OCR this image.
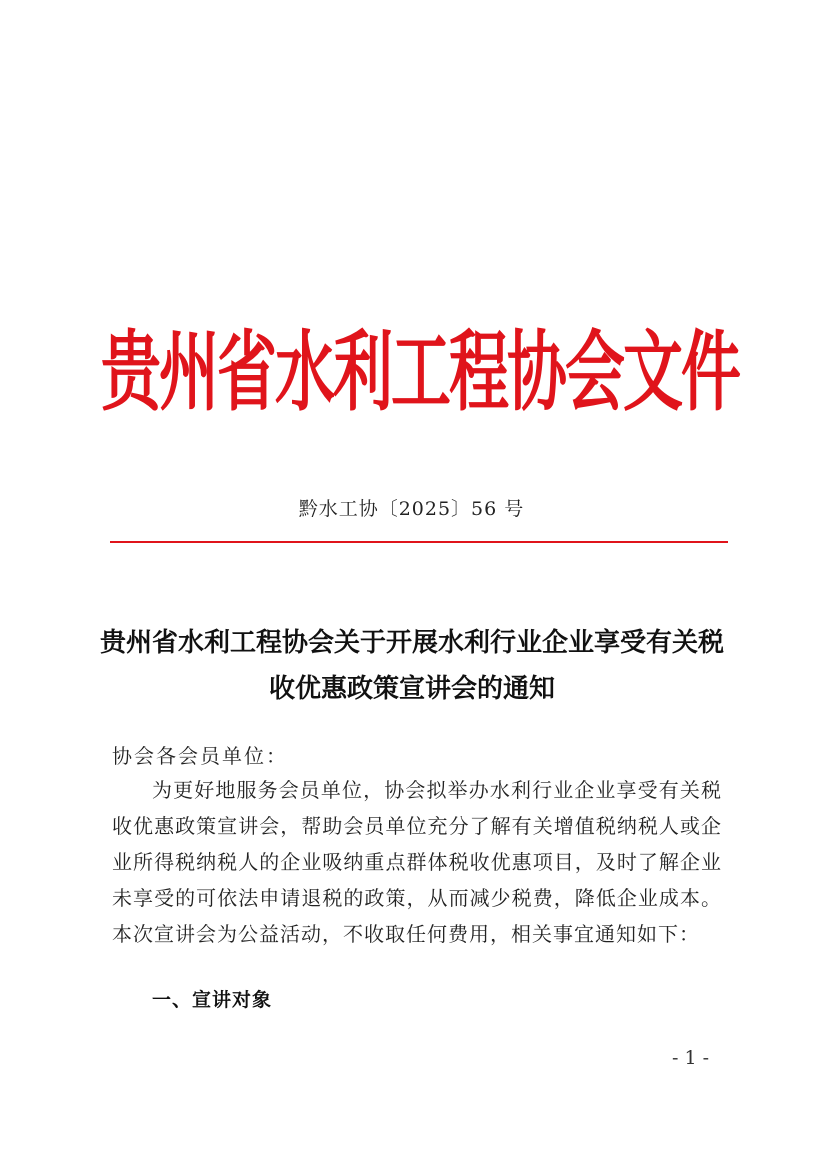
贵州省水利工程协会文件
黔水工协〔2025〕56 号
贵州省水利工程协会关于开展水利行业企业享受有关税收优惠政策宣讲会的通知
协会各会员单位：
为更好地服务会员单位，协会拟举办水利行业企业享受有关税收优惠政策宣讲会，帮助会员单位充分了解有关增值税纳税人或企业所得税纳税人的企业吸纳重点群体税收优惠项目，及时了解企业未享受的可依法申请退税的政策，从而减少税费，降低企业成本。本次宣讲会为公益活动，不收取任何费用，相关事宜通知如下：
一、宣讲对象
- 1 -
